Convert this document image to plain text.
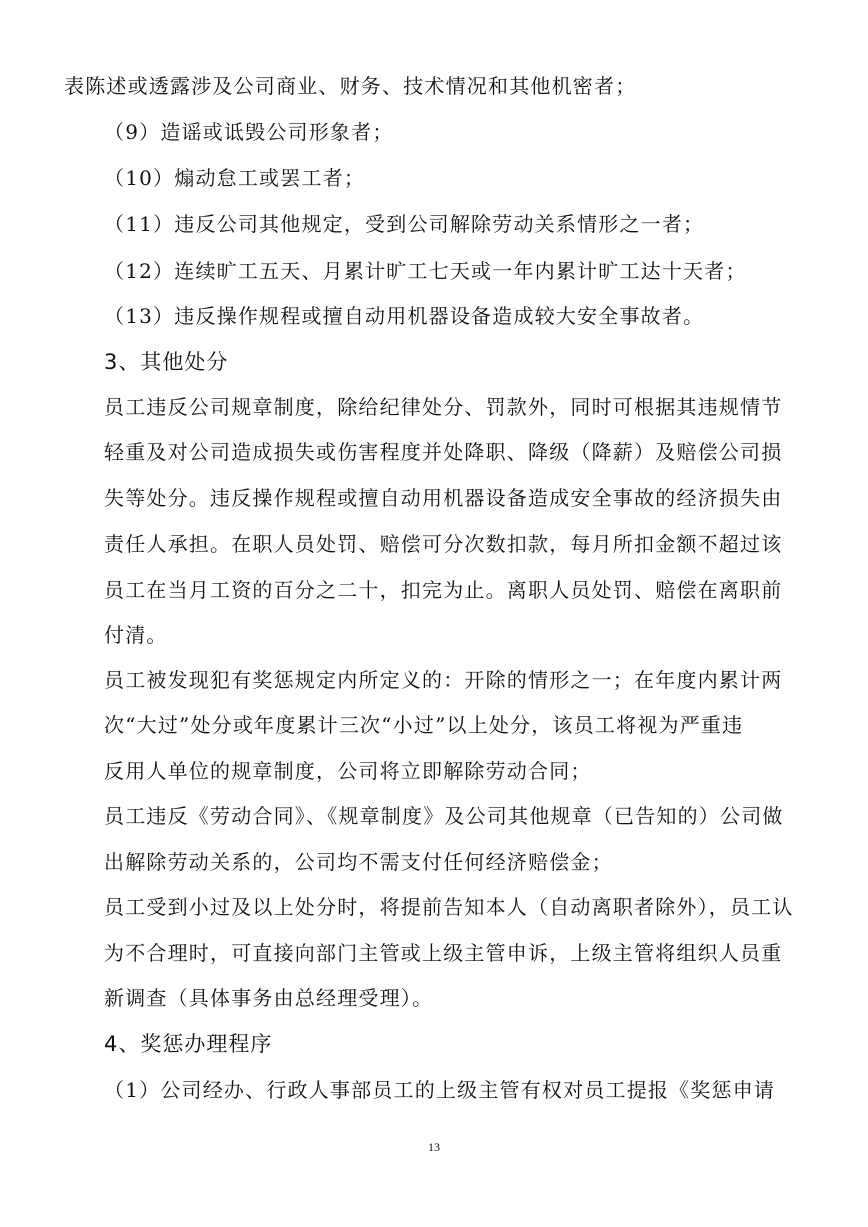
表陈述或透露涉及公司商业、财务、技术情况和其他机密者；
（9）造谣或诋毁公司形象者；
（10）煽动怠工或罢工者；
（11）违反公司其他规定，受到公司解除劳动关系情形之一者；
（12）连续旷工五天、月累计旷工七天或一年内累计旷工达十天者；
（13）违反操作规程或擅自动用机器设备造成较大安全事故者。
3、其他处分
员工违反公司规章制度，除给纪律处分、罚款外，同时可根据其违规情节
轻重及对公司造成损失或伤害程度并处降职、降级（降薪）及赔偿公司损
失等处分。违反操作规程或擅自动用机器设备造成安全事故的经济损失由
责任人承担。在职人员处罚、赔偿可分次数扣款，每月所扣金额不超过该
员工在当月工资的百分之二十，扣完为止。离职人员处罚、赔偿在离职前
付清。
员工被发现犯有奖惩规定内所定义的：开除的情形之一；在年度内累计两
次“大过”处分或年度累计三次“小过”以上处分，该员工将视为严重违
反用人单位的规章制度，公司将立即解除劳动合同；
员工违反《劳动合同》、《规章制度》及公司其他规章（已告知的）公司做
出解除劳动关系的，公司均不需支付任何经济赔偿金；
员工受到小过及以上处分时，将提前告知本人（自动离职者除外），员工认
为不合理时，可直接向部门主管或上级主管申诉，上级主管将组织人员重
新调查（具体事务由总经理受理）。
4、奖惩办理程序
（1）公司经办、行政人事部员工的上级主管有权对员工提报《奖惩申请
13
